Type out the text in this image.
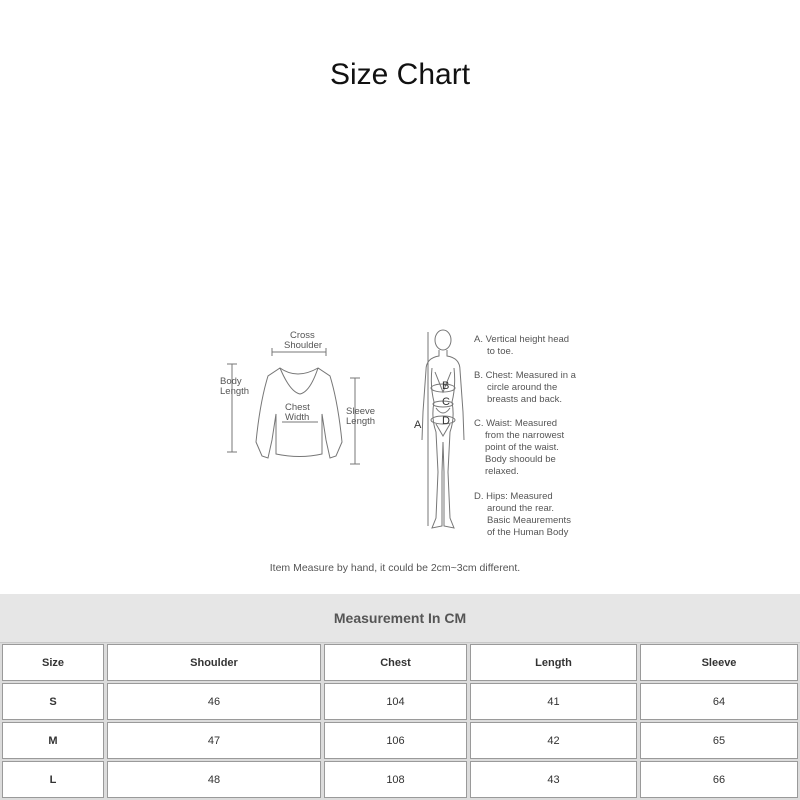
Size Chart
Cross
Shoulder
Body
Length
Chest
Width
Sleeve
Length
B
C
D
A
A. Vertical height head
to toe.
B. Chest: Measured in a
circle around the
breasts and back.
C. Waist: Measured
from the narrowest
point of the waist.
Body shoould be
relaxed.
D. Hips: Measured
around the rear.
Basic Meaurements
of the Human Body
Item Measure by hand, it could be 2cm~3cm different.
Measurement In CM
Size	Shoulder	Chest	Length	Sleeve
S	46	104	41	64
M	47	106	42	65
L	48	108	43	66
